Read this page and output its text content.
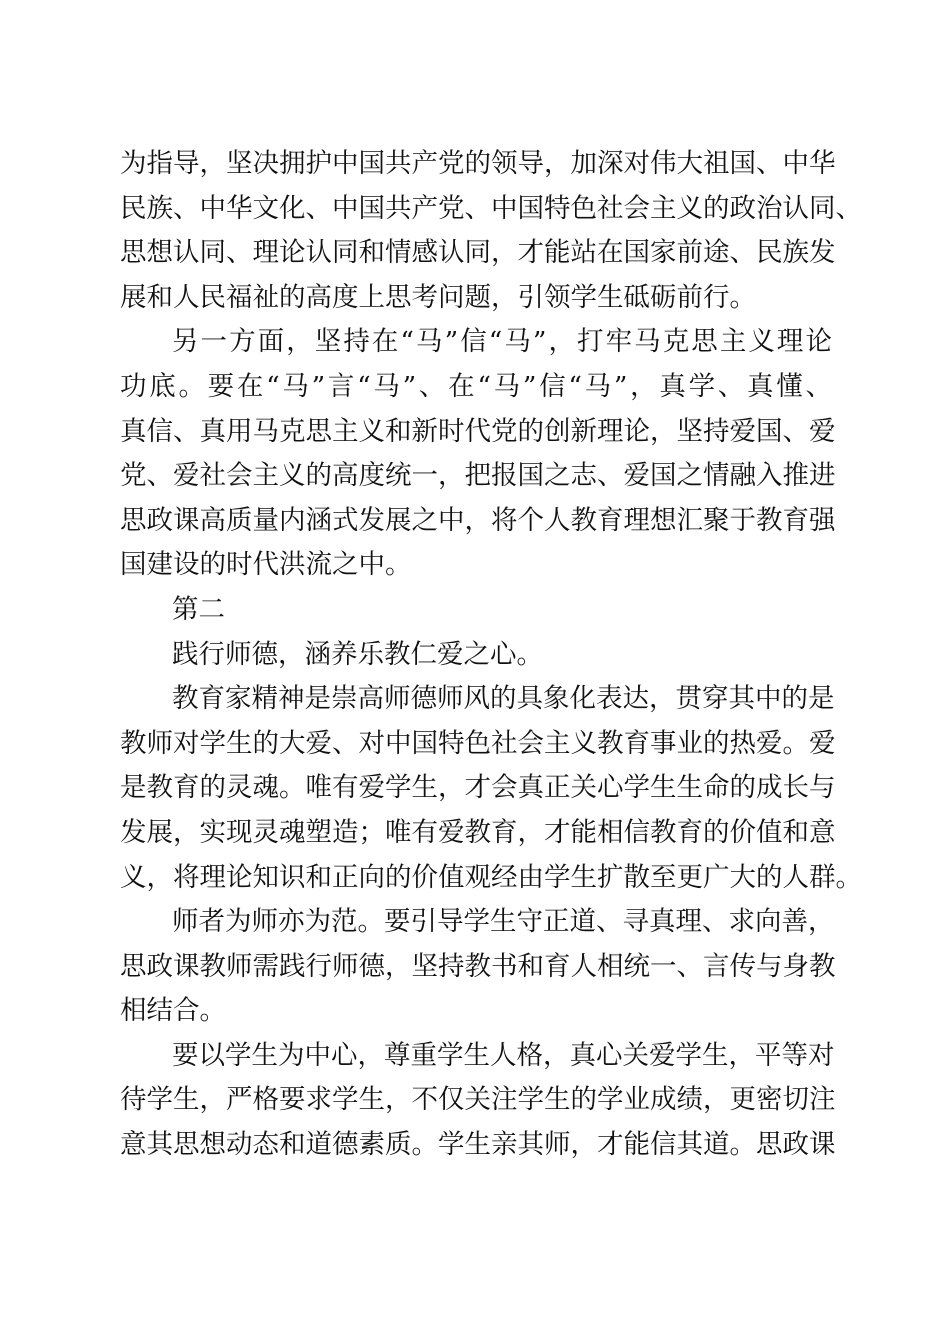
为指导，坚决拥护中国共产党的领导，加深对伟大祖国、中华
民族、中华文化、中国共产党、中国特色社会主义的政治认同、
思想认同、理论认同和情感认同，才能站在国家前途、民族发
展和人民福祉的高度上思考问题，引领学生砥砺前行。
另一方面，坚持在“马”信“马”，打牢马克思主义理论
功底。要在“马”言“马”、在“马”信“马”，真学、真懂、
真信、真用马克思主义和新时代党的创新理论，坚持爱国、爱
党、爱社会主义的高度统一，把报国之志、爱国之情融入推进
思政课高质量内涵式发展之中，将个人教育理想汇聚于教育强
国建设的时代洪流之中。
第二
践行师德，涵养乐教仁爱之心。
教育家精神是崇高师德师风的具象化表达，贯穿其中的是
教师对学生的大爱、对中国特色社会主义教育事业的热爱。爱
是教育的灵魂。唯有爱学生，才会真正关心学生生命的成长与
发展，实现灵魂塑造；唯有爱教育，才能相信教育的价值和意
义，将理论知识和正向的价值观经由学生扩散至更广大的人群。
师者为师亦为范。要引导学生守正道、寻真理、求向善，
思政课教师需践行师德，坚持教书和育人相统一、言传与身教
相结合。
要以学生为中心，尊重学生人格，真心关爱学生，平等对
待学生，严格要求学生，不仅关注学生的学业成绩，更密切注
意其思想动态和道德素质。学生亲其师，才能信其道。思政课
